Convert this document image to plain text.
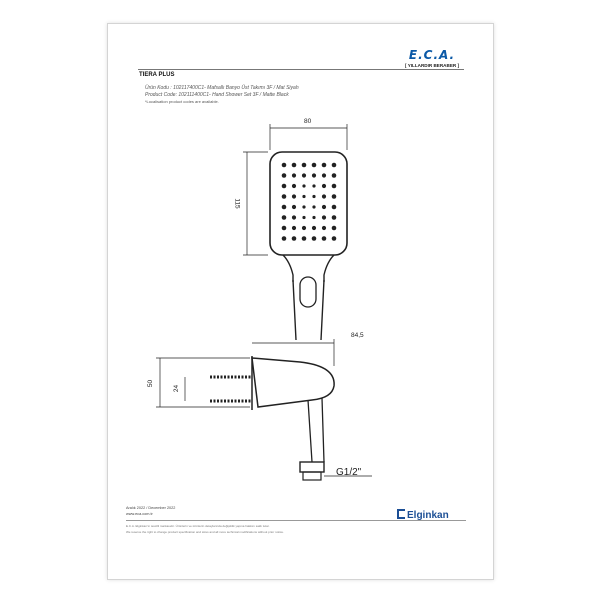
E.C.A.
[ YILLARDIR BERABER ]
TIERA PLUS
Ürün Kodu : 102117400C1- Mafsallı Banyo Üst Takımı 3F / Mat Siyah
Product Code: 102111400C1- Hand Shower Set 3F / Matte Black
*Localisation product codes are available.
80
115
84,5
50
24
G1/2"
Aralık 2022 / December 2022
www.eca.com.tr
E.C.A. Elginkan'ın tescilli markasıdır. Ürünlerin ve ürünlerin detaylarında değişiklik yapma hakkını saklı tutar.
We reserve the right to change product specification and sizes and all more technical modifications without prior notice.
Elginkan
